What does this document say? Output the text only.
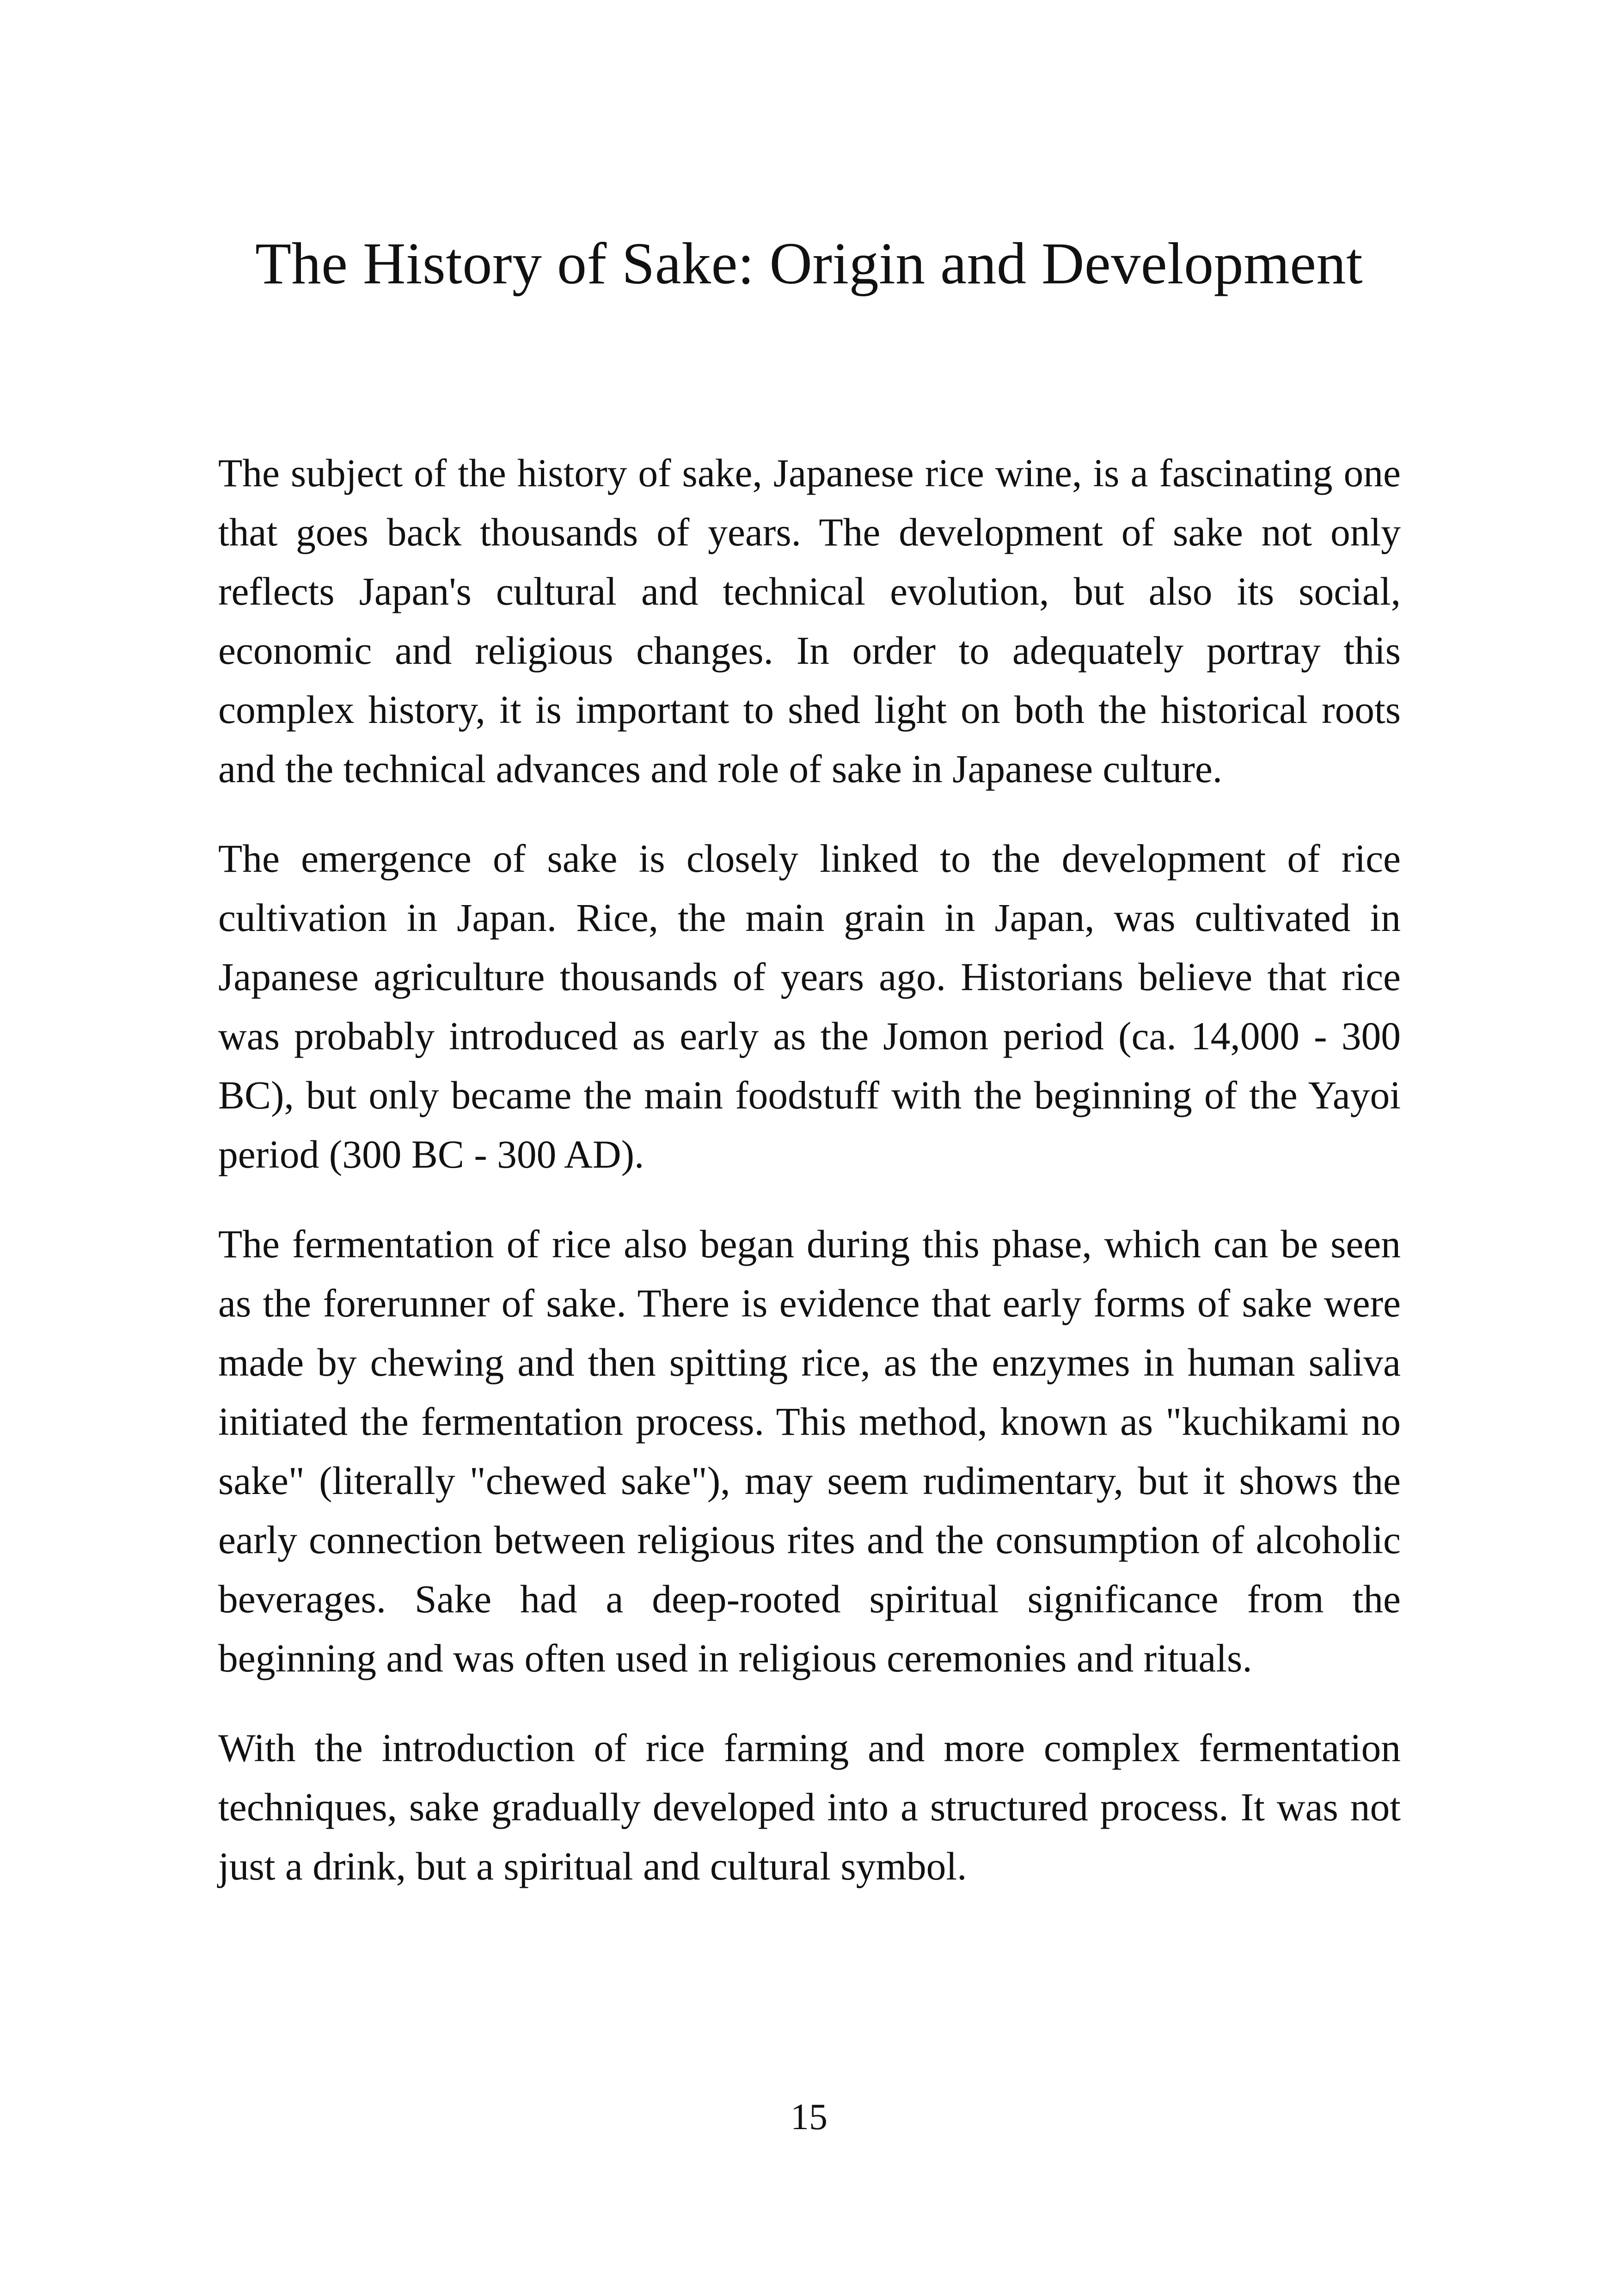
The History of Sake: Origin and Development

The subject of the history of sake, Japanese rice wine, is a fascinating one that goes back thousands of years. The development of sake not only reflects Japan's cultural and technical evolution, but also its social, economic and religious changes. In order to adequately portray this complex history, it is important to shed light on both the historical roots and the technical advances and role of sake in Japanese culture.

The emergence of sake is closely linked to the development of rice cultivation in Japan. Rice, the main grain in Japan, was cultivated in Japanese agriculture thousands of years ago. Historians believe that rice was probably introduced as early as the Jomon period (ca. 14,000 - 300 BC), but only became the main foodstuff with the beginning of the Yayoi period (300 BC - 300 AD).

The fermentation of rice also began during this phase, which can be seen as the forerunner of sake. There is evidence that early forms of sake were made by chewing and then spitting rice, as the enzymes in human saliva initiated the fermentation process. This method, known as "kuchikami no sake" (literally "chewed sake"), may seem rudimentary, but it shows the early connection between religious rites and the consumption of alcoholic beverages. Sake had a deep-rooted spiritual significance from the beginning and was often used in religious ceremonies and rituals.

With the introduction of rice farming and more complex fermentation techniques, sake gradually developed into a structured process. It was not just a drink, but a spiritual and cultural symbol.

15
